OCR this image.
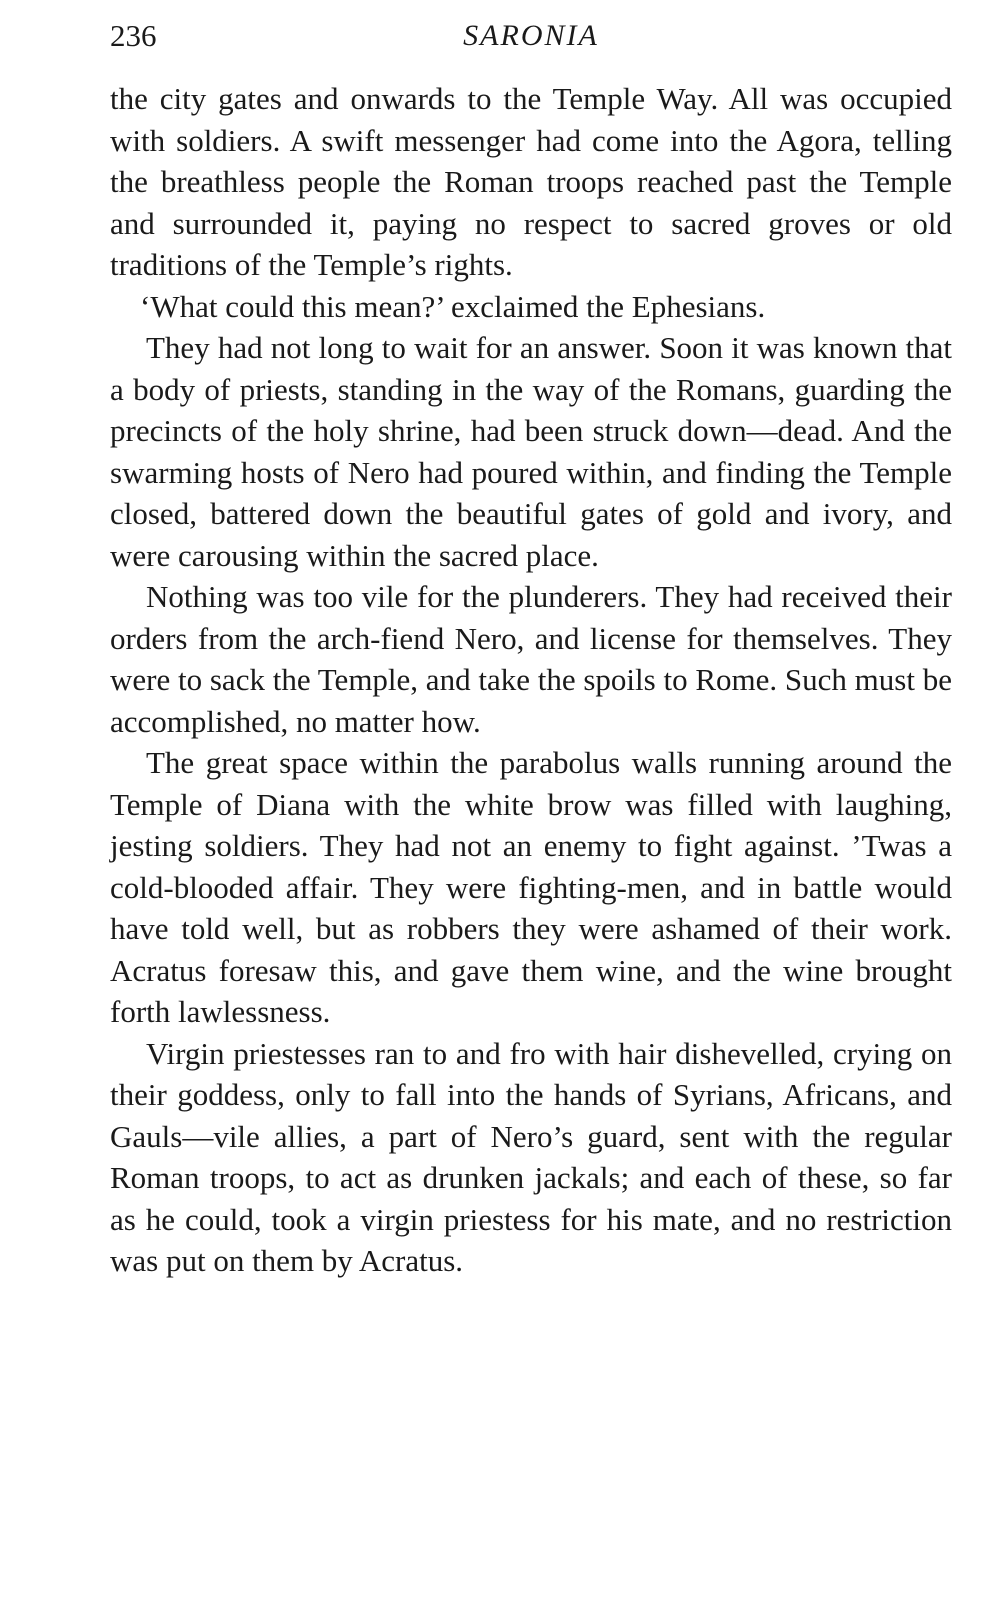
236	SARONIA

the city gates and onwards to the Temple Way. All was occupied with soldiers. A swift messenger had come into the Agora, telling the breathless people the Roman troops reached past the Temple and surrounded it, paying no respect to sacred groves or old traditions of the Temple’s rights.

‘What could this mean?’ exclaimed the Ephesians.

They had not long to wait for an answer. Soon it was known that a body of priests, standing in the way of the Romans, guarding the precincts of the holy shrine, had been struck down—dead. And the swarming hosts of Nero had poured within, and finding the Temple closed, battered down the beautiful gates of gold and ivory, and were carousing within the sacred place.

Nothing was too vile for the plunderers. They had received their orders from the arch-fiend Nero, and license for themselves. They were to sack the Temple, and take the spoils to Rome. Such must be accomplished, no matter how.

The great space within the parabolus walls running around the Temple of Diana with the white brow was filled with laughing, jesting soldiers. They had not an enemy to fight against. ’Twas a cold-blooded affair. They were fighting-men, and in battle would have told well, but as robbers they were ashamed of their work. Acratus foresaw this, and gave them wine, and the wine brought forth lawlessness.

Virgin priestesses ran to and fro with hair dishevelled, crying on their goddess, only to fall into the hands of Syrians, Africans, and Gauls—vile allies, a part of Nero’s guard, sent with the regular Roman troops, to act as drunken jackals; and each of these, so far as he could, took a virgin priestess for his mate, and no restriction was put on them by Acratus.
